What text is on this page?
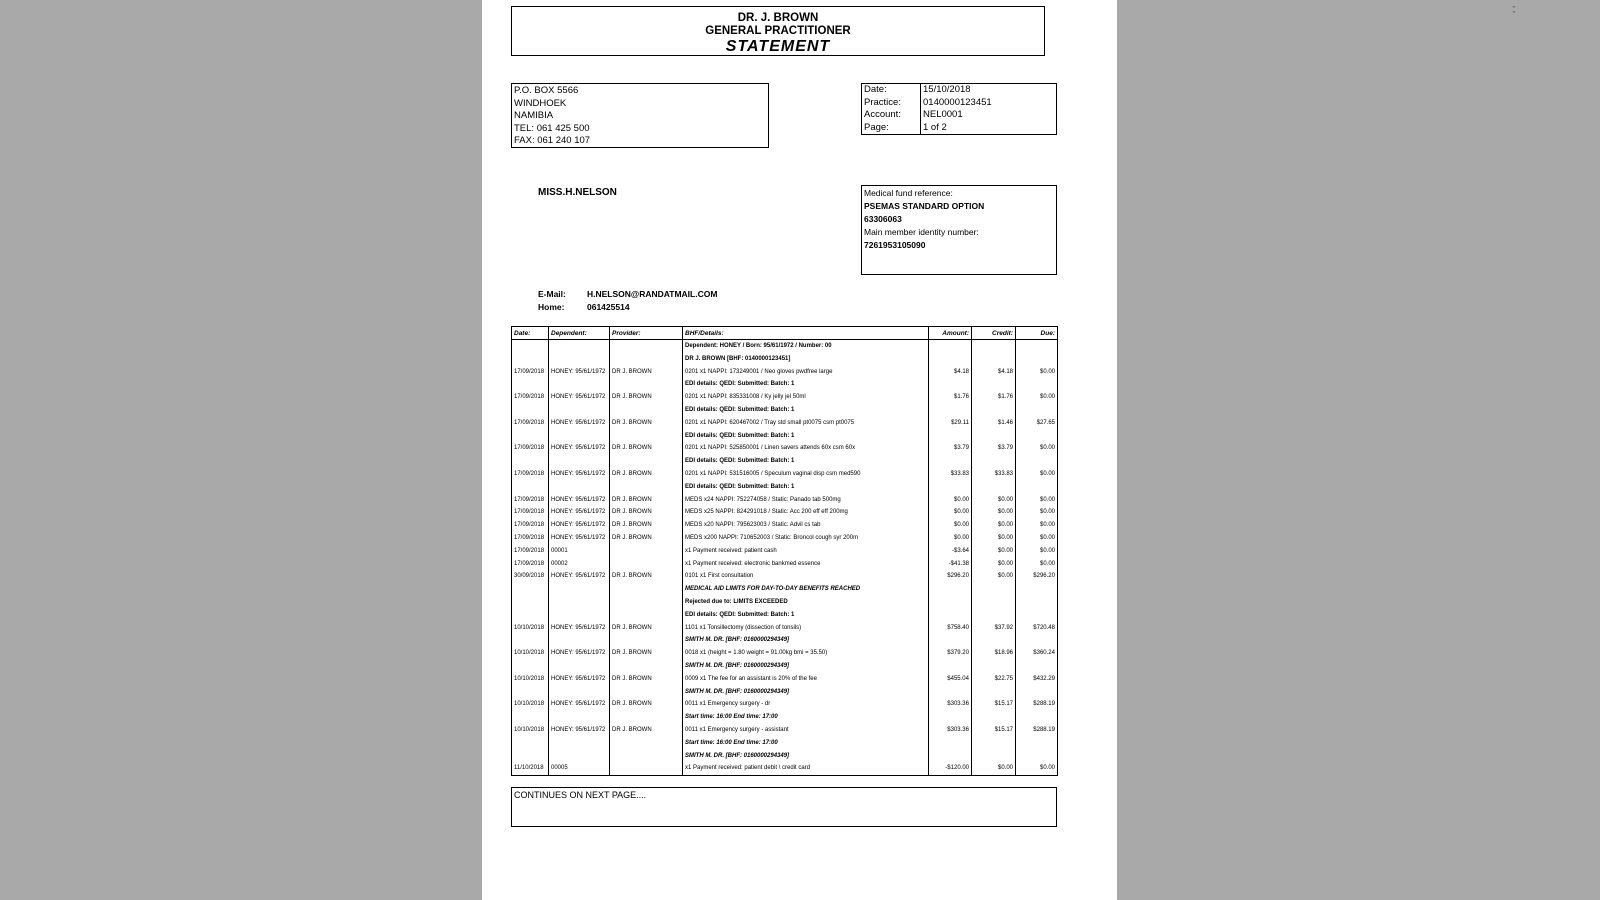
DR. J. BROWN
GENERAL PRACTITIONER
STATEMENT
P.O. BOX 5566
WINDHOEK
NAMIBIA
TEL: 061 425 500
FAX: 061 240 107
Date:	15/10/2018
Practice:	0140000123451
Account:	NEL0001
Page:	1 of 2
MISS.H.NELSON	Medical fund reference:
PSEMAS STANDARD OPTION
63306063
Main member identity number:
7261953105090
E-Mail:	H.NELSON@RANDATMAIL.COM
Home:	061425514
Date:	Dependent:	Provider:	BHF/Details:	Amount:	Credit:	Due:
			Dependent: HONEY / Born: 95/61/1972 / Number: 00			
			DR J. BROWN [BHF: 0140000123451]			
17/09/2018	HONEY: 95/61/1972	DR J. BROWN	0201 x1 NAPPI: 173249001 / Neo gloves pwdfree large	$4.18	$4.18	$0.00
			EDI details: QEDI: Submitted: Batch: 1			
17/09/2018	HONEY: 95/61/1972	DR J. BROWN	0201 x1 NAPPI: 835331008 / Ky jelly jel 50ml	$1.76	$1.76	$0.00
			EDI details: QEDI: Submitted: Batch: 1			
17/09/2018	HONEY: 95/61/1972	DR J. BROWN	0201 x1 NAPPI: 620467002 / Tray std small pt0075 csm pt0075	$29.11	$1.46	$27.65
			EDI details: QEDI: Submitted: Batch: 1			
17/09/2018	HONEY: 95/61/1972	DR J. BROWN	0201 x1 NAPPI: 525850001 / Linen savers attends 60x csm 60x	$3.79	$3.79	$0.00
			EDI details: QEDI: Submitted: Batch: 1			
17/09/2018	HONEY: 95/61/1972	DR J. BROWN	0201 x1 NAPPI: 531516005 / Speculum vaginal disp csm med590	$33.83	$33.83	$0.00
			EDI details: QEDI: Submitted: Batch: 1			
17/09/2018	HONEY: 95/61/1972	DR J. BROWN	MEDS x24 NAPPI: 752274058 / Static: Panado tab 500mg	$0.00	$0.00	$0.00
17/09/2018	HONEY: 95/61/1972	DR J. BROWN	MEDS x25 NAPPI: 824291018 / Static: Acc 200 eff eff 200mg	$0.00	$0.00	$0.00
17/09/2018	HONEY: 95/61/1972	DR J. BROWN	MEDS x20 NAPPI: 795623003 / Static: Advil cs tab	$0.00	$0.00	$0.00
17/09/2018	HONEY: 95/61/1972	DR J. BROWN	MEDS x200 NAPPI: 710652003 / Static: Broncol cough syr 200m	$0.00	$0.00	$0.00
17/09/2018	00001		x1 Payment received: patient cash	-$3.64	$0.00	$0.00
17/09/2018	00002		x1 Payment received: electronic bankmed essence	-$41.38	$0.00	$0.00
30/09/2018	HONEY: 95/61/1972	DR J. BROWN	0101 x1 First consultation	$296.20	$0.00	$296.20
			MEDICAL AID LIMITS FOR DAY-TO-DAY BENEFITS REACHED			
			Rejected due to: LIMITS EXCEEDED			
			EDI details: QEDI: Submitted: Batch: 1			
10/10/2018	HONEY: 95/61/1972	DR J. BROWN	1101 x1 Tonsillectomy (dissection of tonsils)	$758.40	$37.92	$720.48
			SMITH M. DR. [BHF: 0160000294349]			
10/10/2018	HONEY: 95/61/1972	DR J. BROWN	0018 x1 (height = 1.80 weight = 91.00kg bmi = 35.50)	$379.20	$18.96	$360.24
			SMITH M. DR. [BHF: 0160000294349]			
10/10/2018	HONEY: 95/61/1972	DR J. BROWN	0009 x1 The fee for an assistant is 20% of the fee	$455.04	$22.75	$432.29
			SMITH M. DR. [BHF: 0160000294349]			
10/10/2018	HONEY: 95/61/1972	DR J. BROWN	0011 x1 Emergency surgery - dr	$303.36	$15.17	$288.19
			Start time: 16:00 End time: 17:00			
10/10/2018	HONEY: 95/61/1972	DR J. BROWN	0011 x1 Emergency surgery - assistant	$303.36	$15.17	$288.19
			Start time: 16:00 End time: 17:00			
			SMITH M. DR. [BHF: 0160000294349]			
11/10/2018	00005		x1 Payment received: patient debit \ credit card	-$120.00	$0.00	$0.00
CONTINUES ON NEXT PAGE....
▪▪
▪▪
